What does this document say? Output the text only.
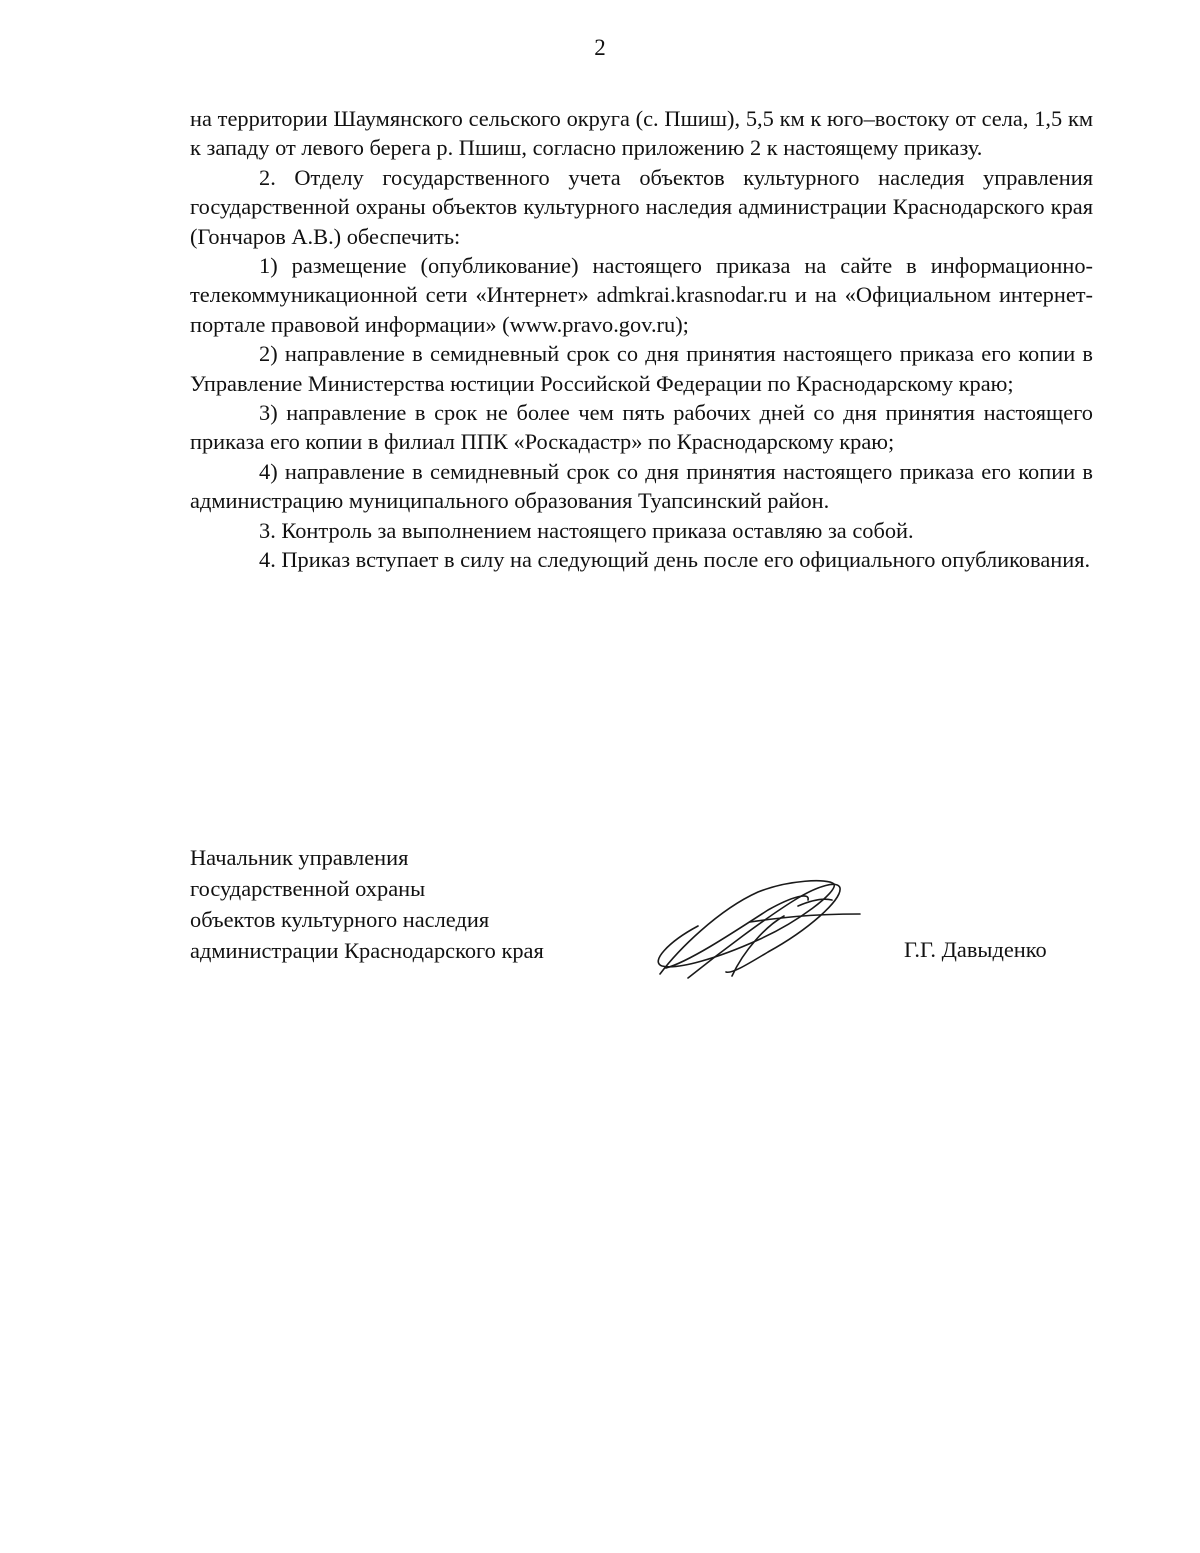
2

на территории Шаумянского сельского округа (с. Пшиш), 5,5 км к юго–востоку от села, 1,5 км к западу от левого берега р. Пшиш, согласно приложению 2 к настоящему приказу.

2. Отделу государственного учета объектов культурного наследия управления государственной охраны объектов культурного наследия администрации Краснодарского края (Гончаров А.В.) обеспечить:

1) размещение (опубликование) настоящего приказа на сайте в информационно-телекоммуникационной сети «Интернет» admkrai.krasnodar.ru и на «Официальном интернет-портале правовой информации» (www.pravo.gov.ru);

2) направление в семидневный срок со дня принятия настоящего приказа его копии в Управление Министерства юстиции Российской Федерации по Краснодарскому краю;

3) направление в срок не более чем пять рабочих дней со дня принятия настоящего приказа его копии в филиал ППК «Роскадастр» по Краснодарскому краю;

4) направление в семидневный срок со дня принятия настоящего приказа его копии в администрацию муниципального образования Туапсинский район.

3. Контроль за выполнением настоящего приказа оставляю за собой.

4. Приказ вступает в силу на следующий день после его официального опубликования.

Начальник управления
государственной охраны
объектов культурного наследия
администрации Краснодарского края	Г.Г. Давыденко
